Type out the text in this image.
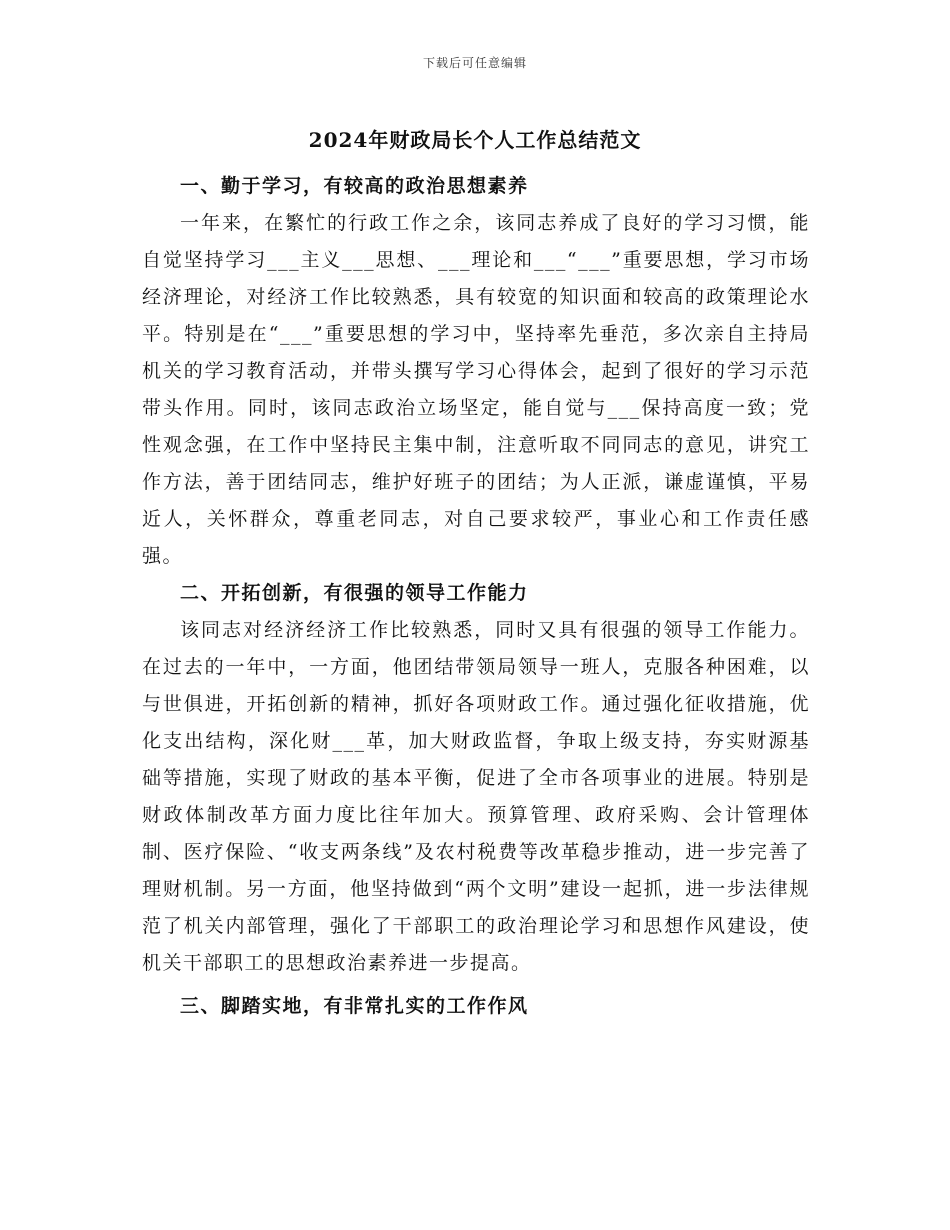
下载后可任意编辑
2024年财政局长个人工作总结范文

一、勤于学习，有较高的政治思想素养

一年来，在繁忙的行政工作之余，该同志养成了良好的学习习惯，能自觉坚持学习___主义___思想、___理论和___“___”重要思想，学习市场经济理论，对经济工作比较熟悉，具有较宽的知识面和较高的政策理论水平。特别是在“___”重要思想的学习中，坚持率先垂范，多次亲自主持局机关的学习教育活动，并带头撰写学习心得体会，起到了很好的学习示范带头作用。同时，该同志政治立场坚定，能自觉与___保持高度一致；党性观念强，在工作中坚持民主集中制，注意听取不同同志的意见，讲究工作方法，善于团结同志，维护好班子的团结；为人正派，谦虚谨慎，平易近人，关怀群众，尊重老同志，对自己要求较严，事业心和工作责任感强。

二、开拓创新，有很强的领导工作能力

该同志对经济经济工作比较熟悉，同时又具有很强的领导工作能力。在过去的一年中，一方面，他团结带领局领导一班人，克服各种困难，以与世俱进，开拓创新的精神，抓好各项财政工作。通过强化征收措施，优化支出结构，深化财___革，加大财政监督，争取上级支持，夯实财源基础等措施，实现了财政的基本平衡，促进了全市各项事业的进展。特别是财政体制改革方面力度比往年加大。预算管理、政府采购、会计管理体制、医疗保险、“收支两条线”及农村税费等改革稳步推动，进一步完善了理财机制。另一方面，他坚持做到“两个文明”建设一起抓，进一步法律规范了机关内部管理，强化了干部职工的政治理论学习和思想作风建设，使机关干部职工的思想政治素养进一步提高。

三、脚踏实地，有非常扎实的工作作风
